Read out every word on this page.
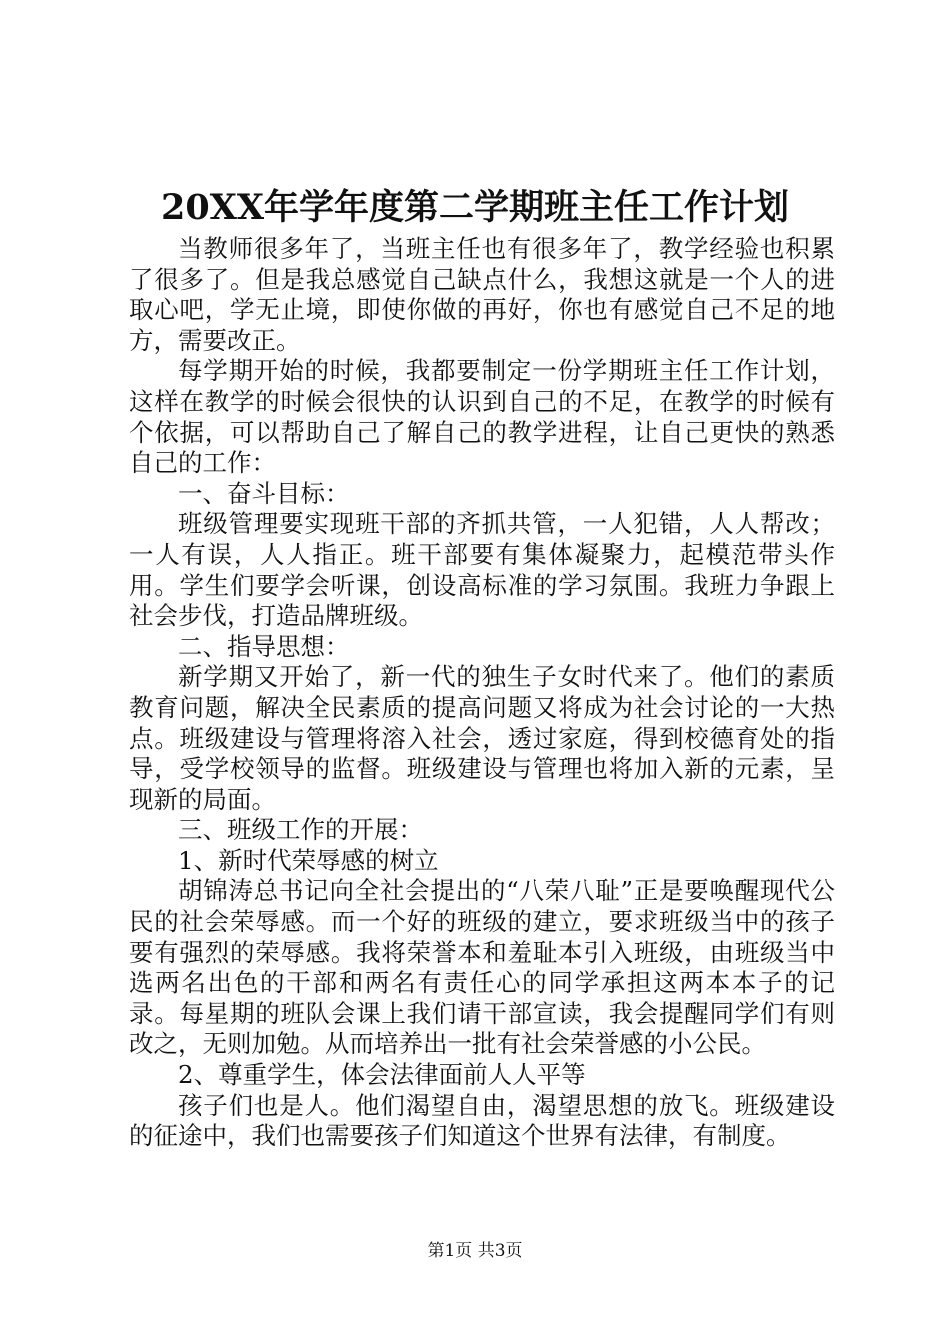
20XX年学年度第二学期班主任工作计划

当教师很多年了，当班主任也有很多年了，教学经验也积累了很多了。但是我总感觉自己缺点什么，我想这就是一个人的进取心吧，学无止境，即使你做的再好，你也有感觉自己不足的地方，需要改正。

每学期开始的时候，我都要制定一份学期班主任工作计划，这样在教学的时候会很快的认识到自己的不足，在教学的时候有个依据，可以帮助自己了解自己的教学进程，让自己更快的熟悉自己的工作：

一、奋斗目标：

班级管理要实现班干部的齐抓共管，一人犯错，人人帮改；一人有误，人人指正。班干部要有集体凝聚力，起模范带头作用。学生们要学会听课，创设高标准的学习氛围。我班力争跟上社会步伐，打造品牌班级。

二、指导思想：

新学期又开始了，新一代的独生子女时代来了。他们的素质教育问题，解决全民素质的提高问题又将成为社会讨论的一大热点。班级建设与管理将溶入社会，透过家庭，得到校德育处的指导，受学校领导的监督。班级建设与管理也将加入新的元素，呈现新的局面。

三、班级工作的开展：

1、新时代荣辱感的树立

胡锦涛总书记向全社会提出的“八荣八耻”正是要唤醒现代公民的社会荣辱感。而一个好的班级的建立，要求班级当中的孩子要有强烈的荣辱感。我将荣誉本和羞耻本引入班级，由班级当中选两名出色的干部和两名有责任心的同学承担这两本本子的记录。每星期的班队会课上我们请干部宣读，我会提醒同学们有则改之，无则加勉。从而培养出一批有社会荣誉感的小公民。

2、尊重学生，体会法律面前人人平等

孩子们也是人。他们渴望自由，渴望思想的放飞。班级建设的征途中，我们也需要孩子们知道这个世界有法律，有制度。

第1页 共3页
